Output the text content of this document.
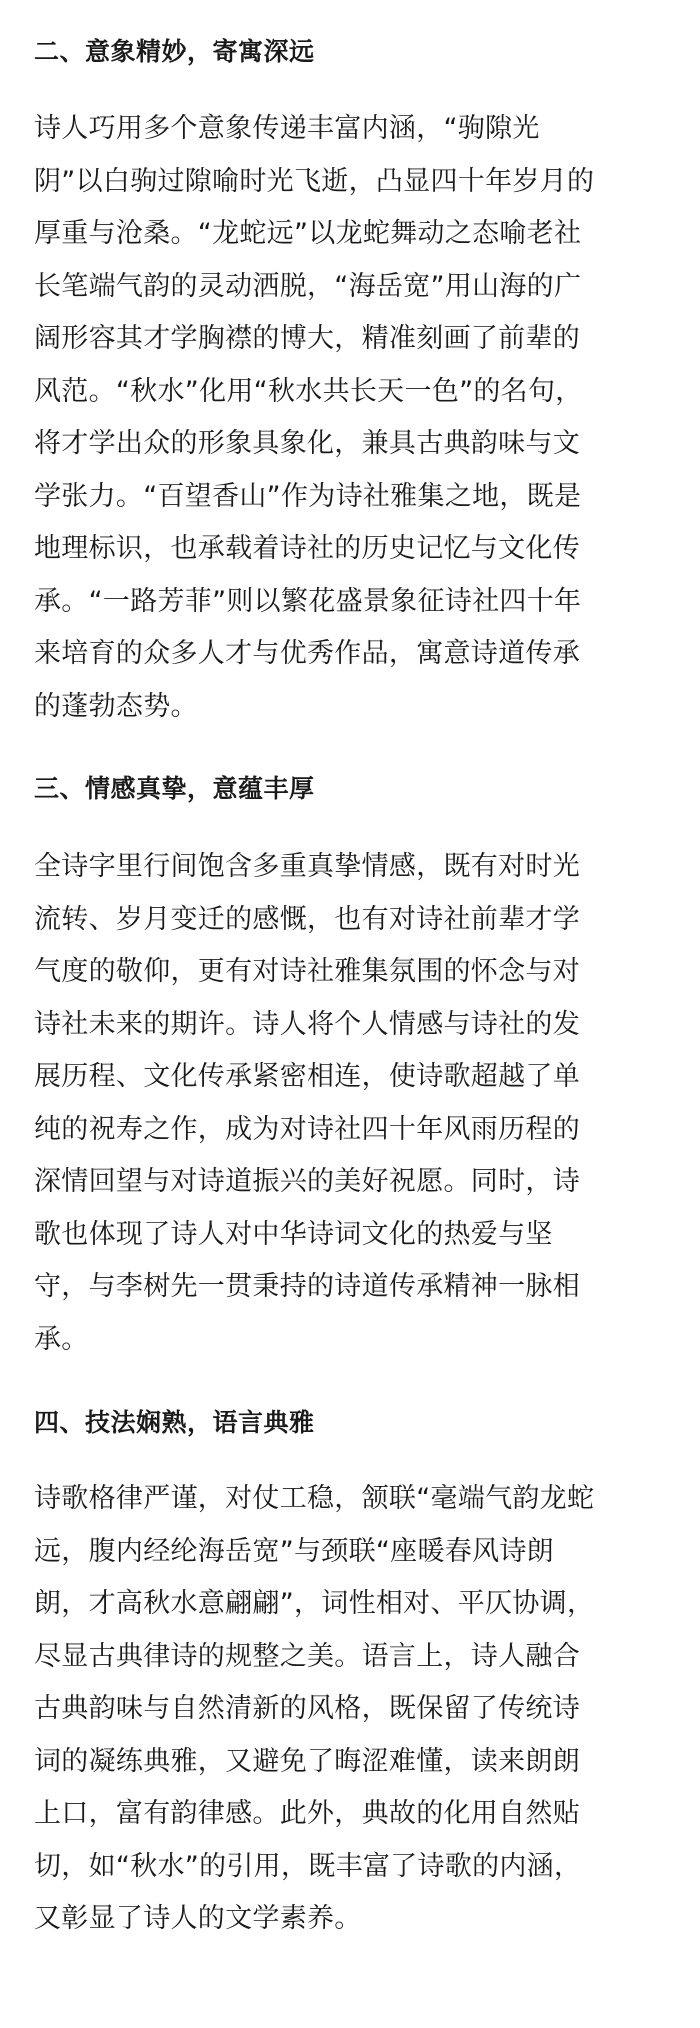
二、意象精妙，寄寓深远
诗人巧用多个意象传递丰富内涵，“驹隙光
阴”以白驹过隙喻时光飞逝，凸显四十年岁月的
厚重与沧桑。“龙蛇远”以龙蛇舞动之态喻老社
长笔端气韵的灵动洒脱，“海岳宽”用山海的广
阔形容其才学胸襟的博大，精准刻画了前辈的
风范。“秋水”化用“秋水共长天一色”的名句，
将才学出众的形象具象化，兼具古典韵味与文
学张力。“百望香山”作为诗社雅集之地，既是
地理标识，也承载着诗社的历史记忆与文化传
承。“一路芳菲”则以繁花盛景象征诗社四十年
来培育的众多人才与优秀作品，寓意诗道传承
的蓬勃态势。
三、情感真挚，意蕴丰厚
全诗字里行间饱含多重真挚情感，既有对时光
流转、岁月变迁的感慨，也有对诗社前辈才学
气度的敬仰，更有对诗社雅集氛围的怀念与对
诗社未来的期许。诗人将个人情感与诗社的发
展历程、文化传承紧密相连，使诗歌超越了单
纯的祝寿之作，成为对诗社四十年风雨历程的
深情回望与对诗道振兴的美好祝愿。同时，诗
歌也体现了诗人对中华诗词文化的热爱与坚
守，与李树先一贯秉持的诗道传承精神一脉相
承。
四、技法娴熟，语言典雅
诗歌格律严谨，对仗工稳，颔联“毫端气韵龙蛇
远，腹内经纶海岳宽”与颈联“座暖春风诗朗
朗，才高秋水意翩翩”，词性相对、平仄协调，
尽显古典律诗的规整之美。语言上，诗人融合
古典韵味与自然清新的风格，既保留了传统诗
词的凝练典雅，又避免了晦涩难懂，读来朗朗
上口，富有韵律感。此外，典故的化用自然贴
切，如“秋水”的引用，既丰富了诗歌的内涵，
又彰显了诗人的文学素养。
